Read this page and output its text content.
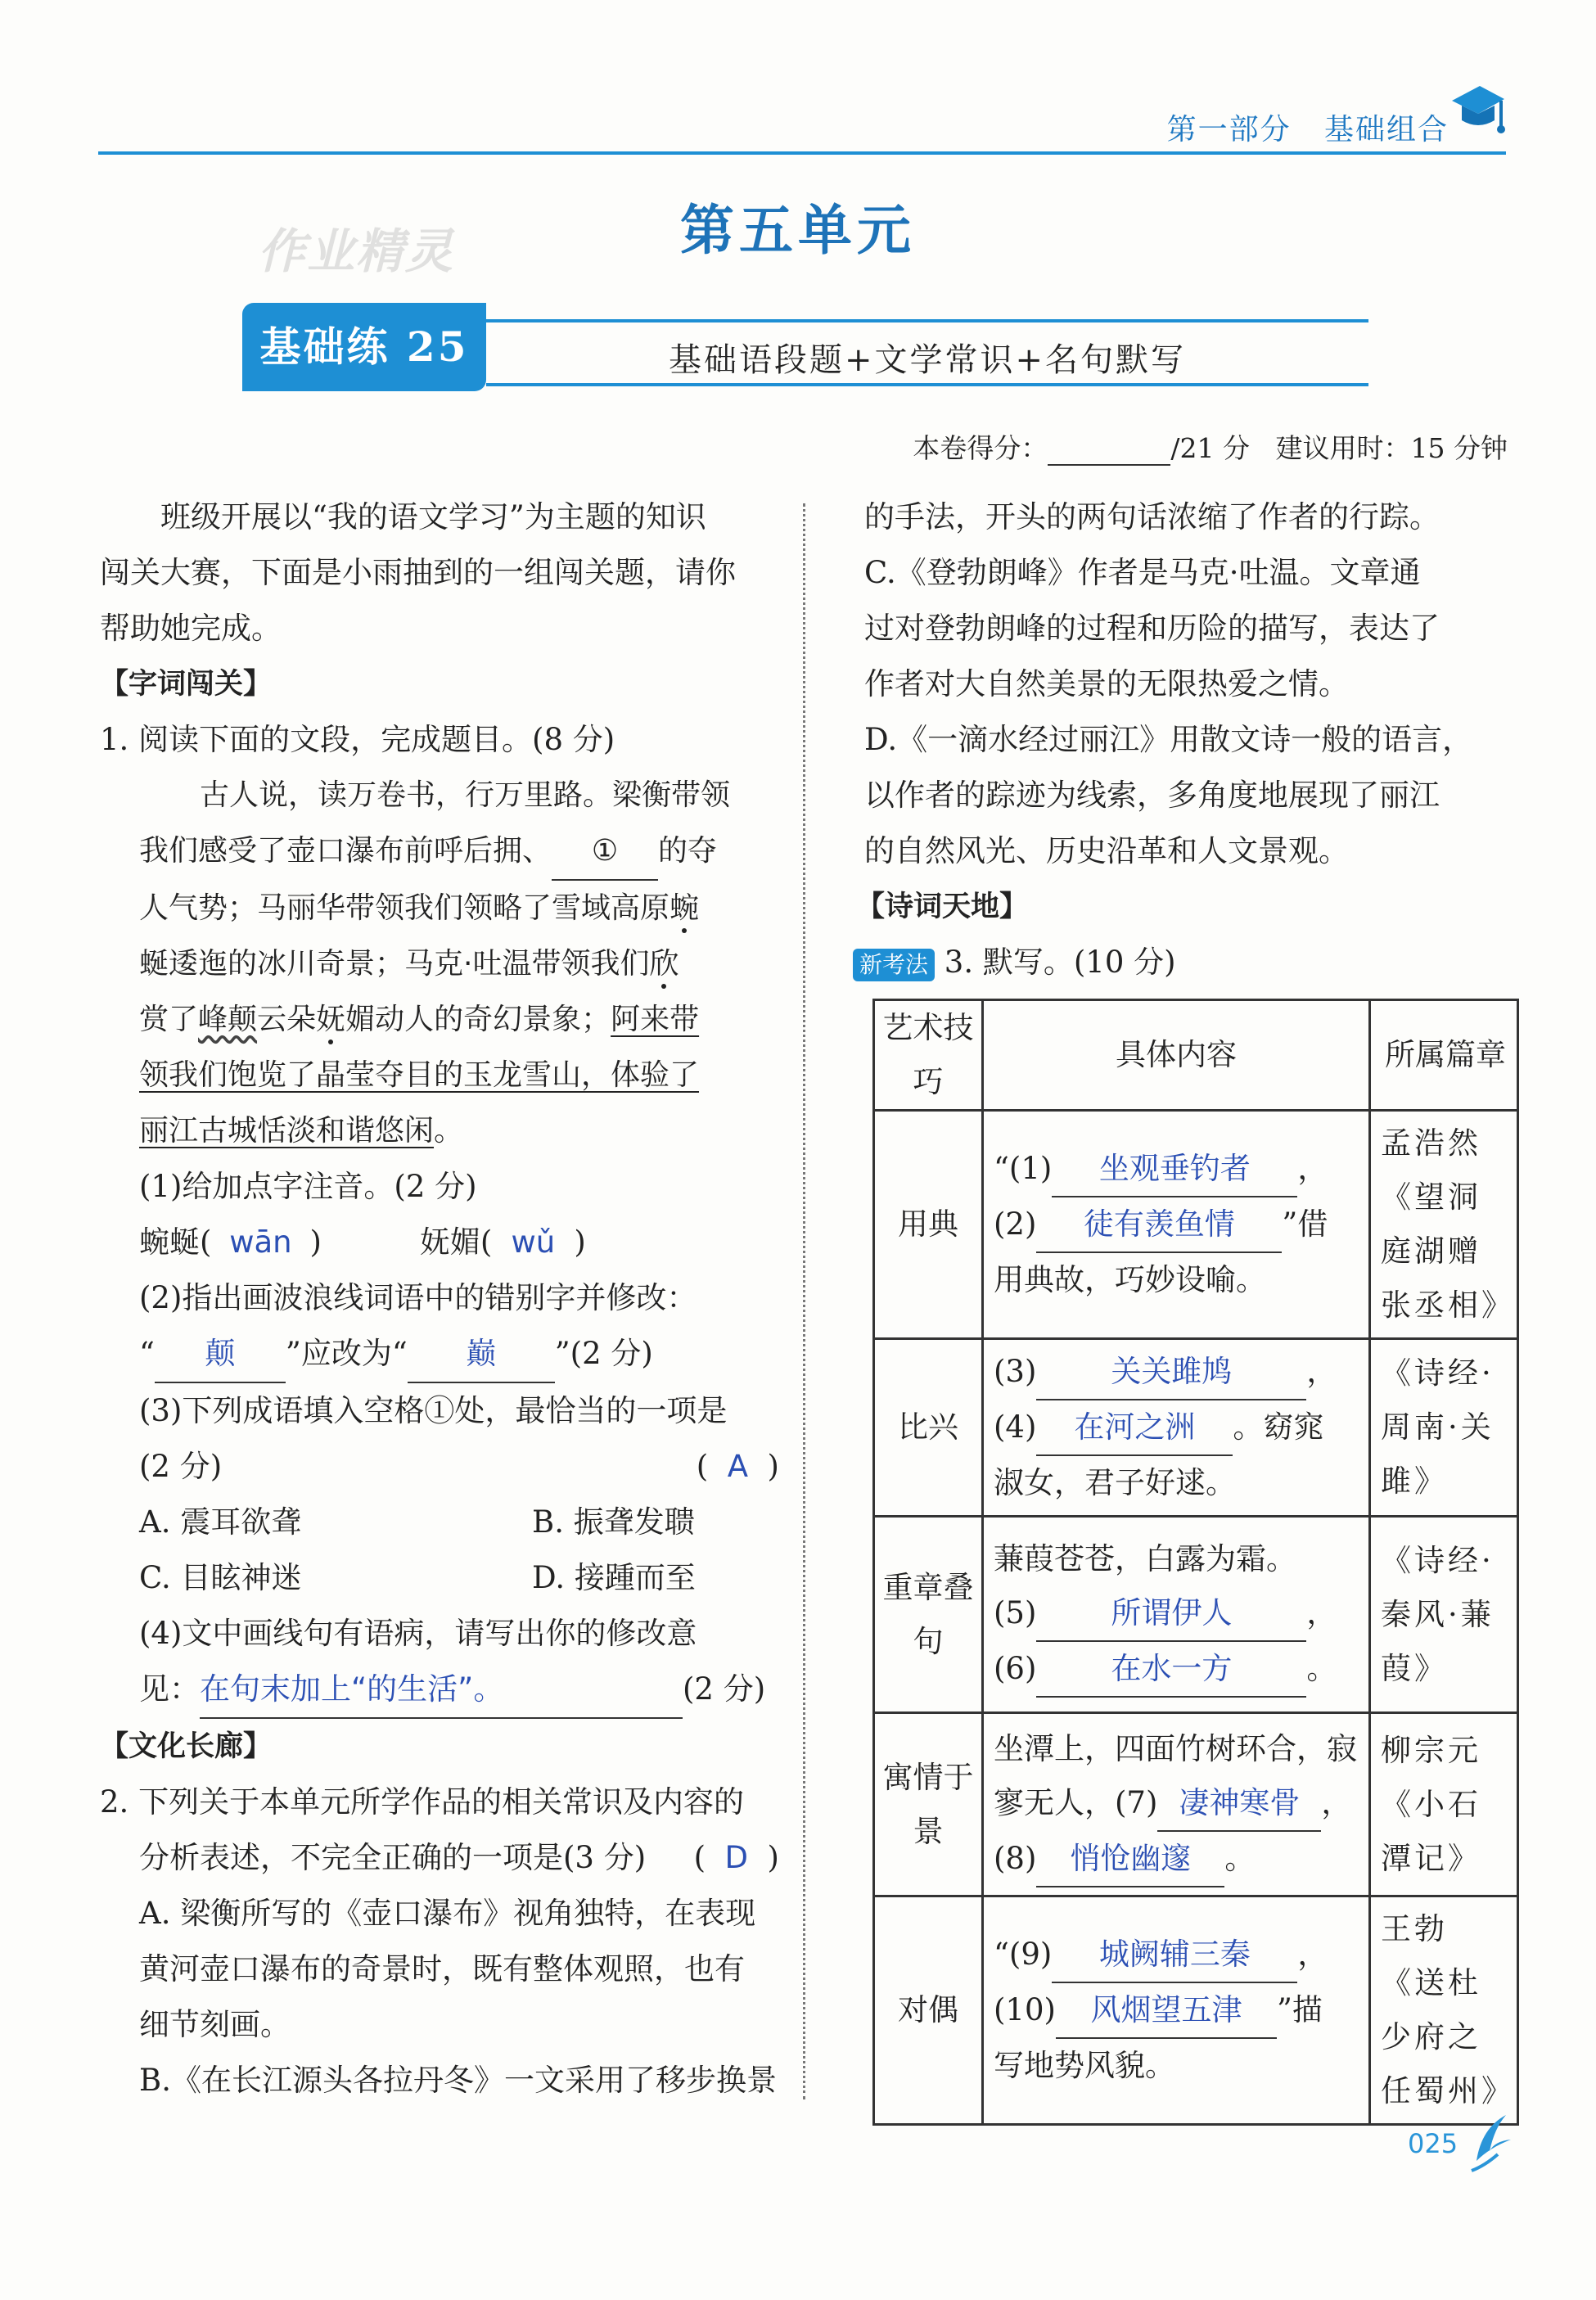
第一部分 基础组合
作业精灵	第五单元
基础练 25	基础语段题+文学常识+名句默写
本卷得分：	/21 分 建议用时：15 分钟

班级开展以“我的语文学习”为主题的知识

闯关大赛，下面是小雨抽到的一组闯关题，请你

帮助她完成。

【字词闯关】

1. 阅读下面的文段，完成题目。(8 分)

古人说，读万卷书，行万里路。梁衡带领

我们感受了壶口瀑布前呼后拥、 ① 的夺

人气势；马丽华带领我们领略了雪域高原蜿

蜒逶迤的冰川奇景；马克·吐温带领我们欣

赏了峰颠云朵妩媚动人的奇幻景象；阿来带

领我们饱览了晶莹夺目的玉龙雪山，体验了

丽江古城恬淡和谐悠闲。

(1)给加点字注音。(2 分)

蜿蜒( wān )	妩媚( wǔ )

(2)指出画波浪线词语中的错别字并修改：

“ 颠 ”应改为“ 巅 ”(2 分)

(3)下列成语填入空格①处，最恰当的一项是

(2 分)	(  A  )

A. 震耳欲聋	B. 振聋发聩

C. 目眩神迷	D. 接踵而至

(4)文中画线句有语病，请写出你的修改意

见：在句末加上“的生活”。	(2 分)

【文化长廊】

2. 下列关于本单元所学作品的相关常识及内容的

分析表述，不完全正确的一项是(3 分) (  D  )

A. 梁衡所写的《壶口瀑布》视角独特，在表现

黄河壶口瀑布的奇景时，既有整体观照，也有

细节刻画。

B.《在长江源头各拉丹冬》一文采用了移步换景

的手法，开头的两句话浓缩了作者的行踪。

C.《登勃朗峰》作者是马克·吐温。文章通

过对登勃朗峰的过程和历险的描写，表达了

作者对大自然美景的无限热爱之情。

D.《一滴水经过丽江》用散文诗一般的语言，

以作者的踪迹为线索，多角度地展现了丽江

的自然风光、历史沿革和人文景观。

【诗词天地】

新考法 3. 默写。(10 分)

艺术技巧	具体内容	所属篇章
用典	“(1) 坐观垂钓者 ，
(2) 徒有羡鱼情 ”借
用典故，巧妙设喻。	孟浩然《望洞庭湖赠张丞相》
比兴	(3) 关关雎鸠 ，
(4) 在河之洲 。窈窕
淑女，君子好逑。	《诗经·周南·关雎》
重章叠句	蒹葭苍苍，白露为霜。
(5) 所谓伊人 ，
(6) 在水一方 。	《诗经·秦风·蒹葭》
寓情于景	坐潭上，四面竹树环合，寂
寥无人，(7) 凄神寒骨 ，
(8) 悄怆幽邃 。	柳宗元《小石潭记》
对偶	“(9) 城阙辅三秦 ，
(10) 风烟望五津 ”描
写地势风貌。	王勃《送杜少府之任蜀州》
025
